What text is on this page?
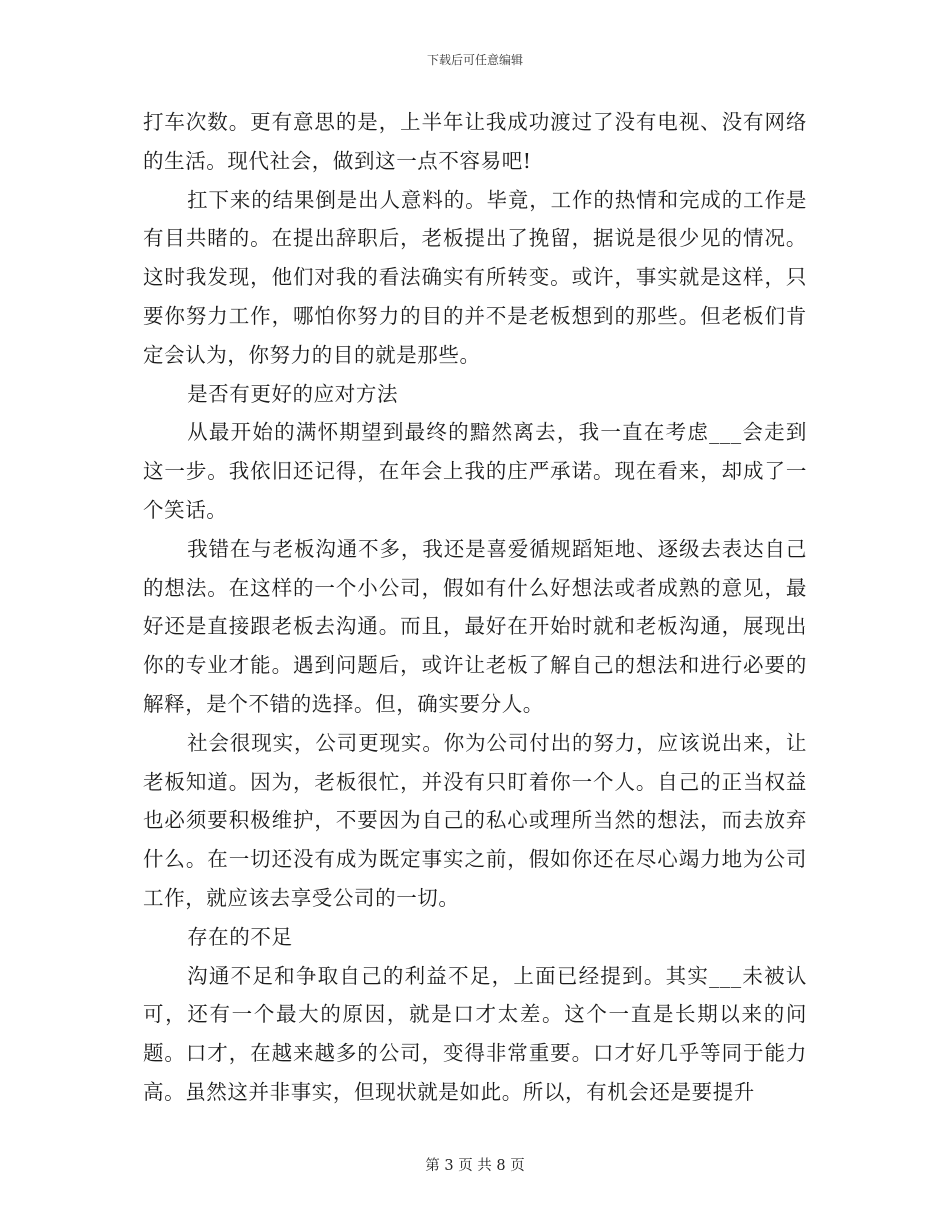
下载后可任意编辑

打车次数。更有意思的是，上半年让我成功渡过了没有电视、没有网络的生活。现代社会，做到这一点不容易吧!

扛下来的结果倒是出人意料的。毕竟，工作的热情和完成的工作是有目共睹的。在提出辞职后，老板提出了挽留，据说是很少见的情况。这时我发现，他们对我的看法确实有所转变。或许，事实就是这样，只要你努力工作，哪怕你努力的目的并不是老板想到的那些。但老板们肯定会认为，你努力的目的就是那些。

是否有更好的应对方法

从最开始的满怀期望到最终的黯然离去，我一直在考虑___会走到这一步。我依旧还记得，在年会上我的庄严承诺。现在看来，却成了一个笑话。

我错在与老板沟通不多，我还是喜爱循规蹈矩地、逐级去表达自己的想法。在这样的一个小公司，假如有什么好想法或者成熟的意见，最好还是直接跟老板去沟通。而且，最好在开始时就和老板沟通，展现出你的专业才能。遇到问题后，或许让老板了解自己的想法和进行必要的解释，是个不错的选择。但，确实要分人。

社会很现实，公司更现实。你为公司付出的努力，应该说出来，让老板知道。因为，老板很忙，并没有只盯着你一个人。自己的正当权益也必须要积极维护，不要因为自己的私心或理所当然的想法，而去放弃什么。在一切还没有成为既定事实之前，假如你还在尽心竭力地为公司工作，就应该去享受公司的一切。

存在的不足

沟通不足和争取自己的利益不足，上面已经提到。其实___未被认可，还有一个最大的原因，就是口才太差。这个一直是长期以来的问题。口才，在越来越多的公司，变得非常重要。口才好几乎等同于能力高。虽然这并非事实，但现状就是如此。所以，有机会还是要提升

第 3 页 共 8 页
